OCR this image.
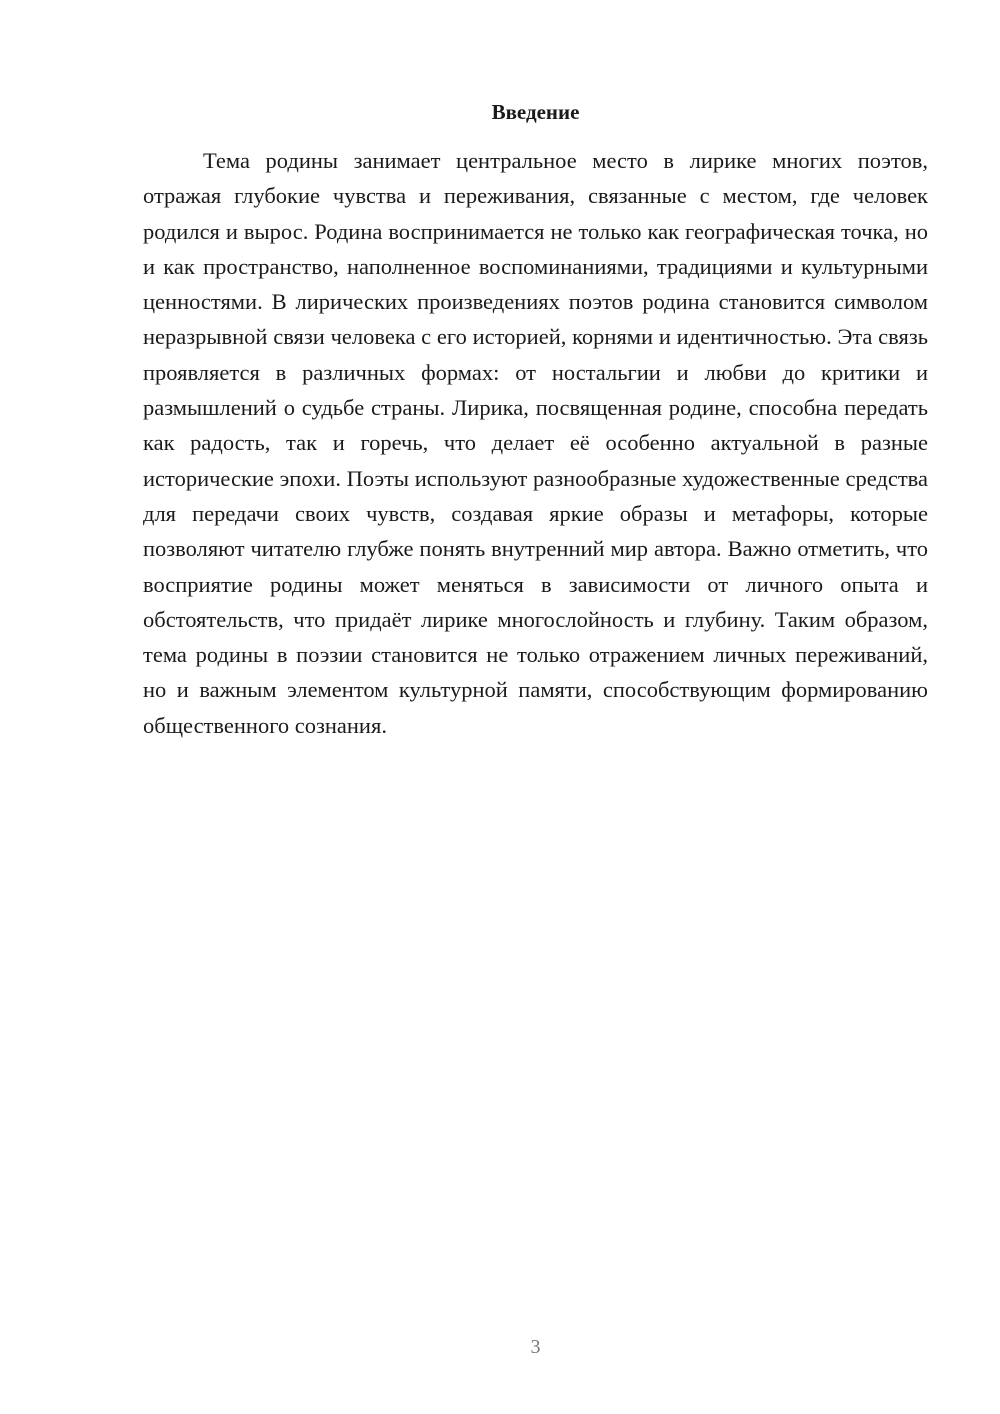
Введение

Тема родины занимает центральное место в лирике многих поэтов, отражая глубокие чувства и переживания, связанные с местом, где человек родился и вырос. Родина воспринимается не только как географическая точка, но и как пространство, наполненное воспоминаниями, традициями и культурными ценностями. В лирических произведениях поэтов родина становится символом неразрывной связи человека с его историей, корнями и идентичностью. Эта связь проявляется в различных формах: от ностальгии и любви до критики и размышлений о судьбе страны. Лирика, посвященная родине, способна передать как радость, так и горечь, что делает её особенно актуальной в разные исторические эпохи. Поэты используют разнообразные художественные средства для передачи своих чувств, создавая яркие образы и метафоры, которые позволяют читателю глубже понять внутренний мир автора. Важно отметить, что восприятие родины может меняться в зависимости от личного опыта и обстоятельств, что придаёт лирике многослойность и глубину. Таким образом, тема родины в поэзии становится не только отражением личных переживаний, но и важным элементом культурной памяти, способствующим формированию общественного сознания.

3
